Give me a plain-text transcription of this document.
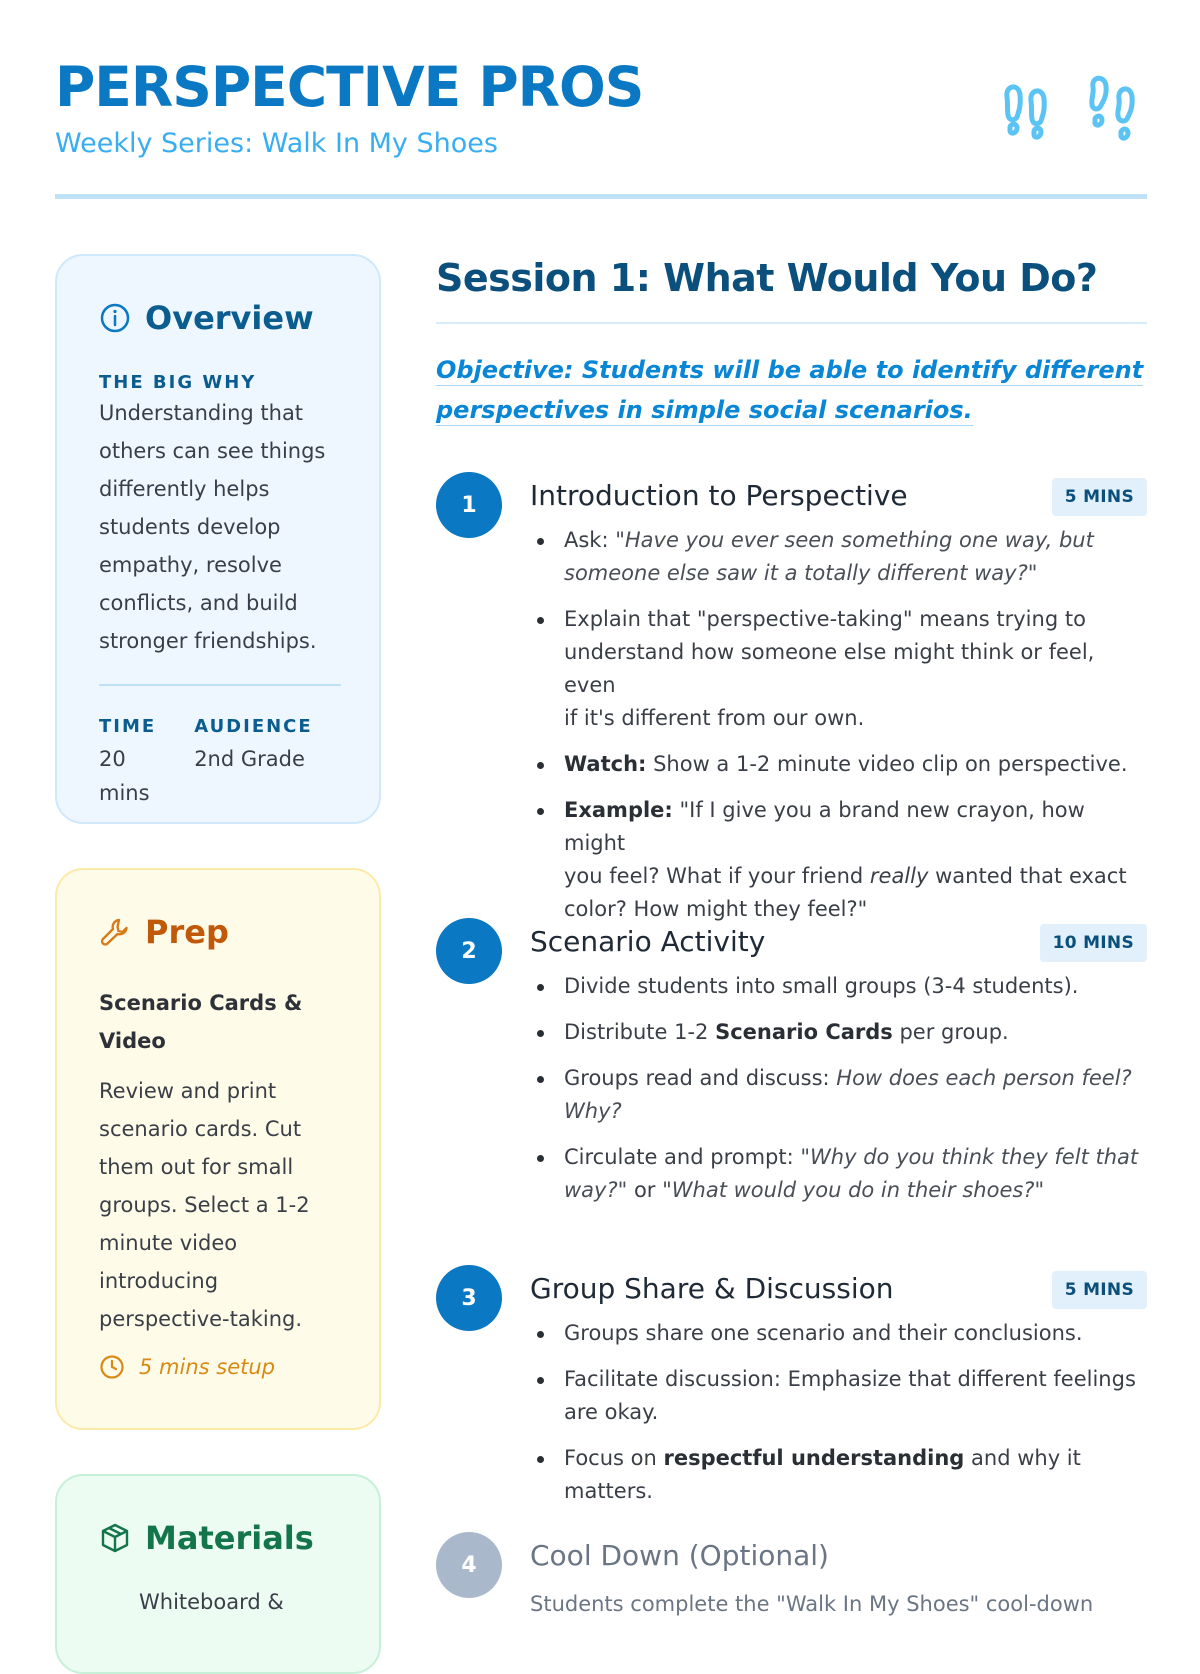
PERSPECTIVE PROS
Weekly Series: Walk In My Shoes
Overview
THE BIG WHY
Understanding that
others can see things
differently helps
students develop
empathy, resolve
conflicts, and build
stronger friendships.
TIME
20 mins
AUDIENCE
2nd Grade
Prep
Scenario Cards &
Video
Review and print
scenario cards. Cut
them out for small
groups. Select a 1-2
minute video
introducing
perspective-taking.
5 mins setup
Materials
Whiteboard &
Session 1: What Would You Do?
Objective: Students will be able to identify different
perspectives in simple social scenarios.
1	Introduction to Perspective	5 MINS
Ask: "Have you ever seen something one way, but
someone else saw it a totally different way?"
Explain that "perspective-taking" means trying to
understand how someone else might think or feel, even
if it's different from our own.
Watch: Show a 1-2 minute video clip on perspective.
Example: "If I give you a brand new crayon, how might
you feel? What if your friend really wanted that exact
color? How might they feel?"
2	Scenario Activity	10 MINS
Divide students into small groups (3-4 students).
Distribute 1-2 Scenario Cards per group.
Groups read and discuss: How does each person feel?
Why?
Circulate and prompt: "Why do you think they felt that
way?" or "What would you do in their shoes?"
3	Group Share & Discussion	5 MINS
Groups share one scenario and their conclusions.
Facilitate discussion: Emphasize that different feelings
are okay.
Focus on respectful understanding and why it matters.
4	Cool Down (Optional)
Students complete the "Walk In My Shoes" cool-down
